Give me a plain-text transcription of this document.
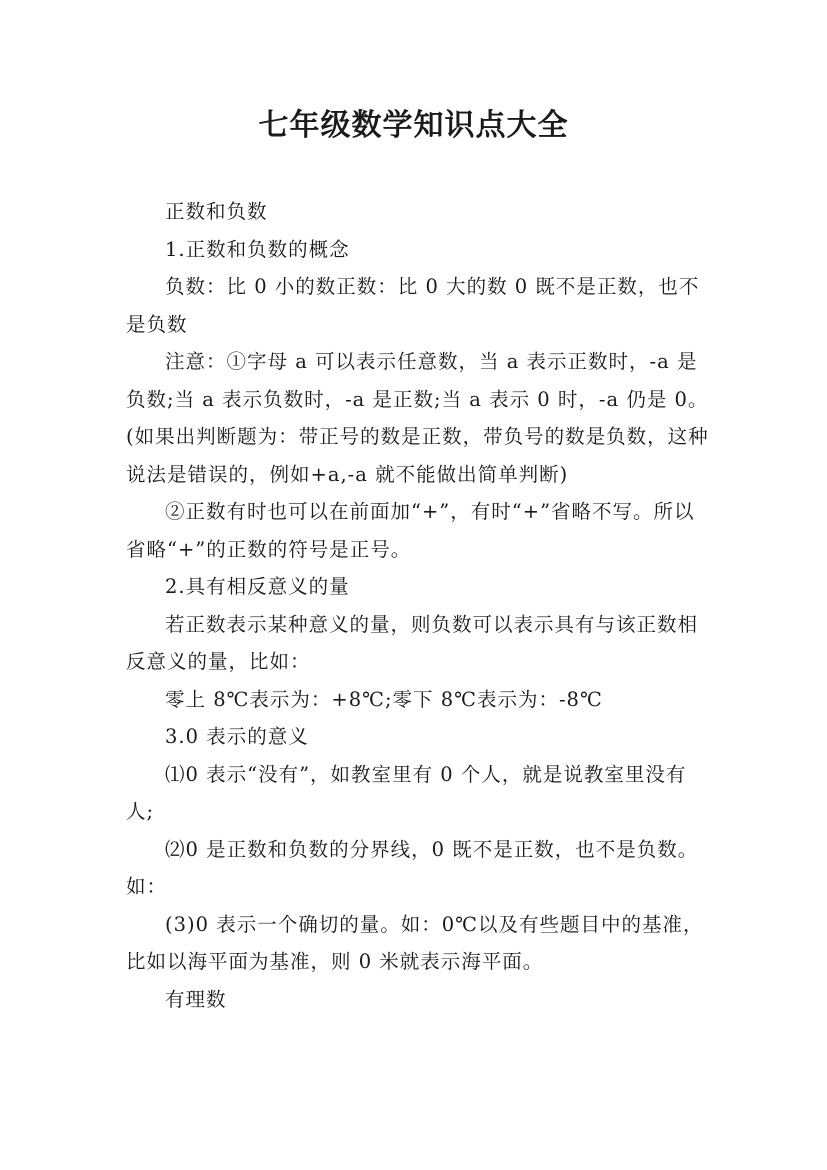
七年级数学知识点大全

正数和负数

1.正数和负数的概念

负数：比 0 小的数正数：比 0 大的数 0 既不是正数，也不是负数

注意：①字母 a 可以表示任意数，当 a 表示正数时，-a 是负数;当 a 表示负数时，-a 是正数;当 a 表示 0 时，-a 仍是 0。(如果出判断题为：带正号的数是正数，带负号的数是负数，这种说法是错误的，例如+a,-a 就不能做出简单判断)

②正数有时也可以在前面加“+”，有时“+”省略不写。所以省略“+”的正数的符号是正号。

2.具有相反意义的量

若正数表示某种意义的量，则负数可以表示具有与该正数相反意义的量，比如：

零上 8℃表示为：+8℃;零下 8℃表示为：-8℃

3.0 表示的意义

⑴0 表示“没有”，如教室里有 0 个人，就是说教室里没有人;

⑵0 是正数和负数的分界线，0 既不是正数，也不是负数。如：

(3)0 表示一个确切的量。如：0℃以及有些题目中的基准，比如以海平面为基准，则 0 米就表示海平面。

有理数
